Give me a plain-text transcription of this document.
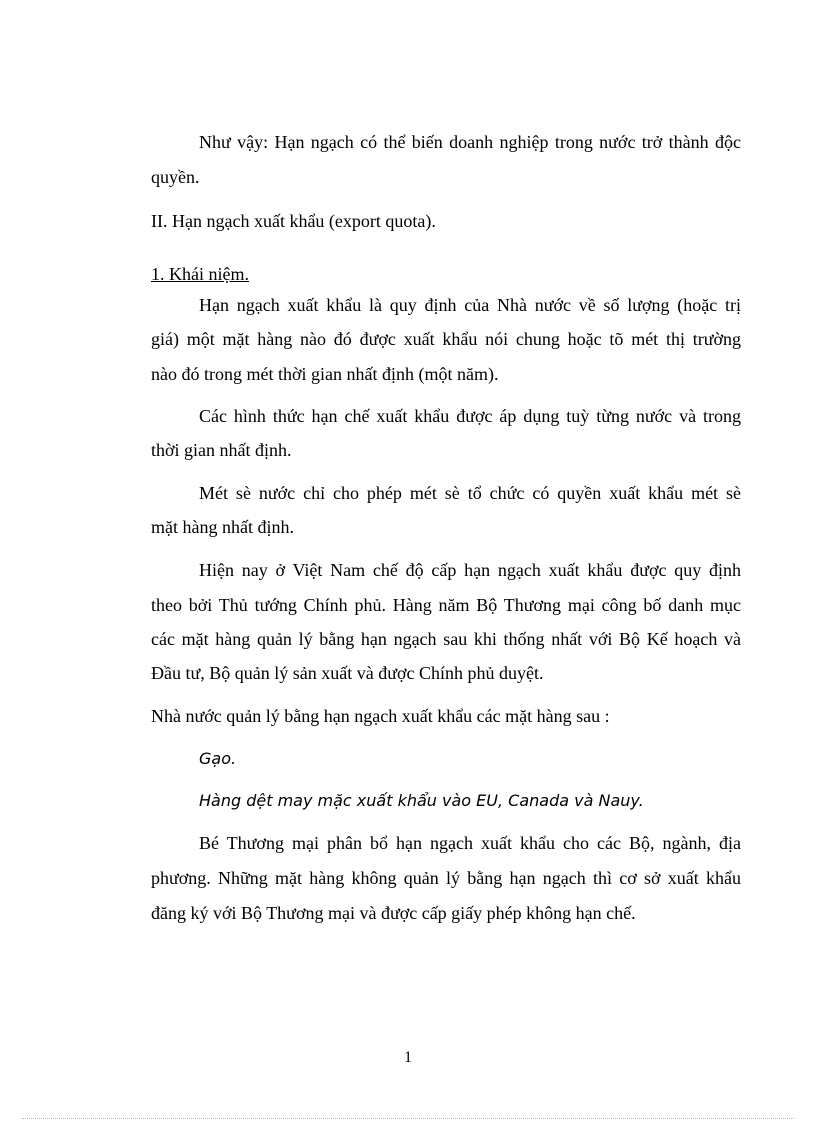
Như vậy: Hạn ngạch có thể biến doanh nghiệp trong nước trở thành độc
quyền.
II. Hạn ngạch xuất khẩu (export quota).
1. Khái niệm.
Hạn ngạch xuất khẩu là quy định của Nhà nước về số lượng (hoặc trị
giá) một mặt hàng nào đó được xuất khẩu nói chung hoặc tõ mét thị trường
nào đó trong mét thời gian nhất định (một năm).
Các hình thức hạn chế xuất khẩu được áp dụng tuỳ từng nước và trong
thời gian nhất định.
Mét sè nước chỉ cho phép mét sè tổ chức có quyền xuất khẩu mét sè
mặt hàng nhất định.
Hiện nay ở Việt Nam chế độ cấp hạn ngạch xuất khẩu được quy định
theo bởi Thủ tướng Chính phủ. Hàng năm Bộ Thương mại công bố danh mục
các mặt hàng quản lý bằng hạn ngạch sau khi thống nhất với Bộ Kế hoạch và
Đầu tư, Bộ quản lý sản xuất và được Chính phủ duyệt.
Nhà nước quản lý bằng hạn ngạch xuất khẩu các mặt hàng sau :
Gạo.
Hàng dệt may mặc xuất khẩu vào EU, Canada và Nauy.
Bé Thương mại phân bổ hạn ngạch xuất khẩu cho các Bộ, ngành, địa
phương. Những mặt hàng không quản lý bằng hạn ngạch thì cơ sở xuất khẩu
đăng ký với Bộ Thương mại và được cấp giấy phép không hạn chế.
1
